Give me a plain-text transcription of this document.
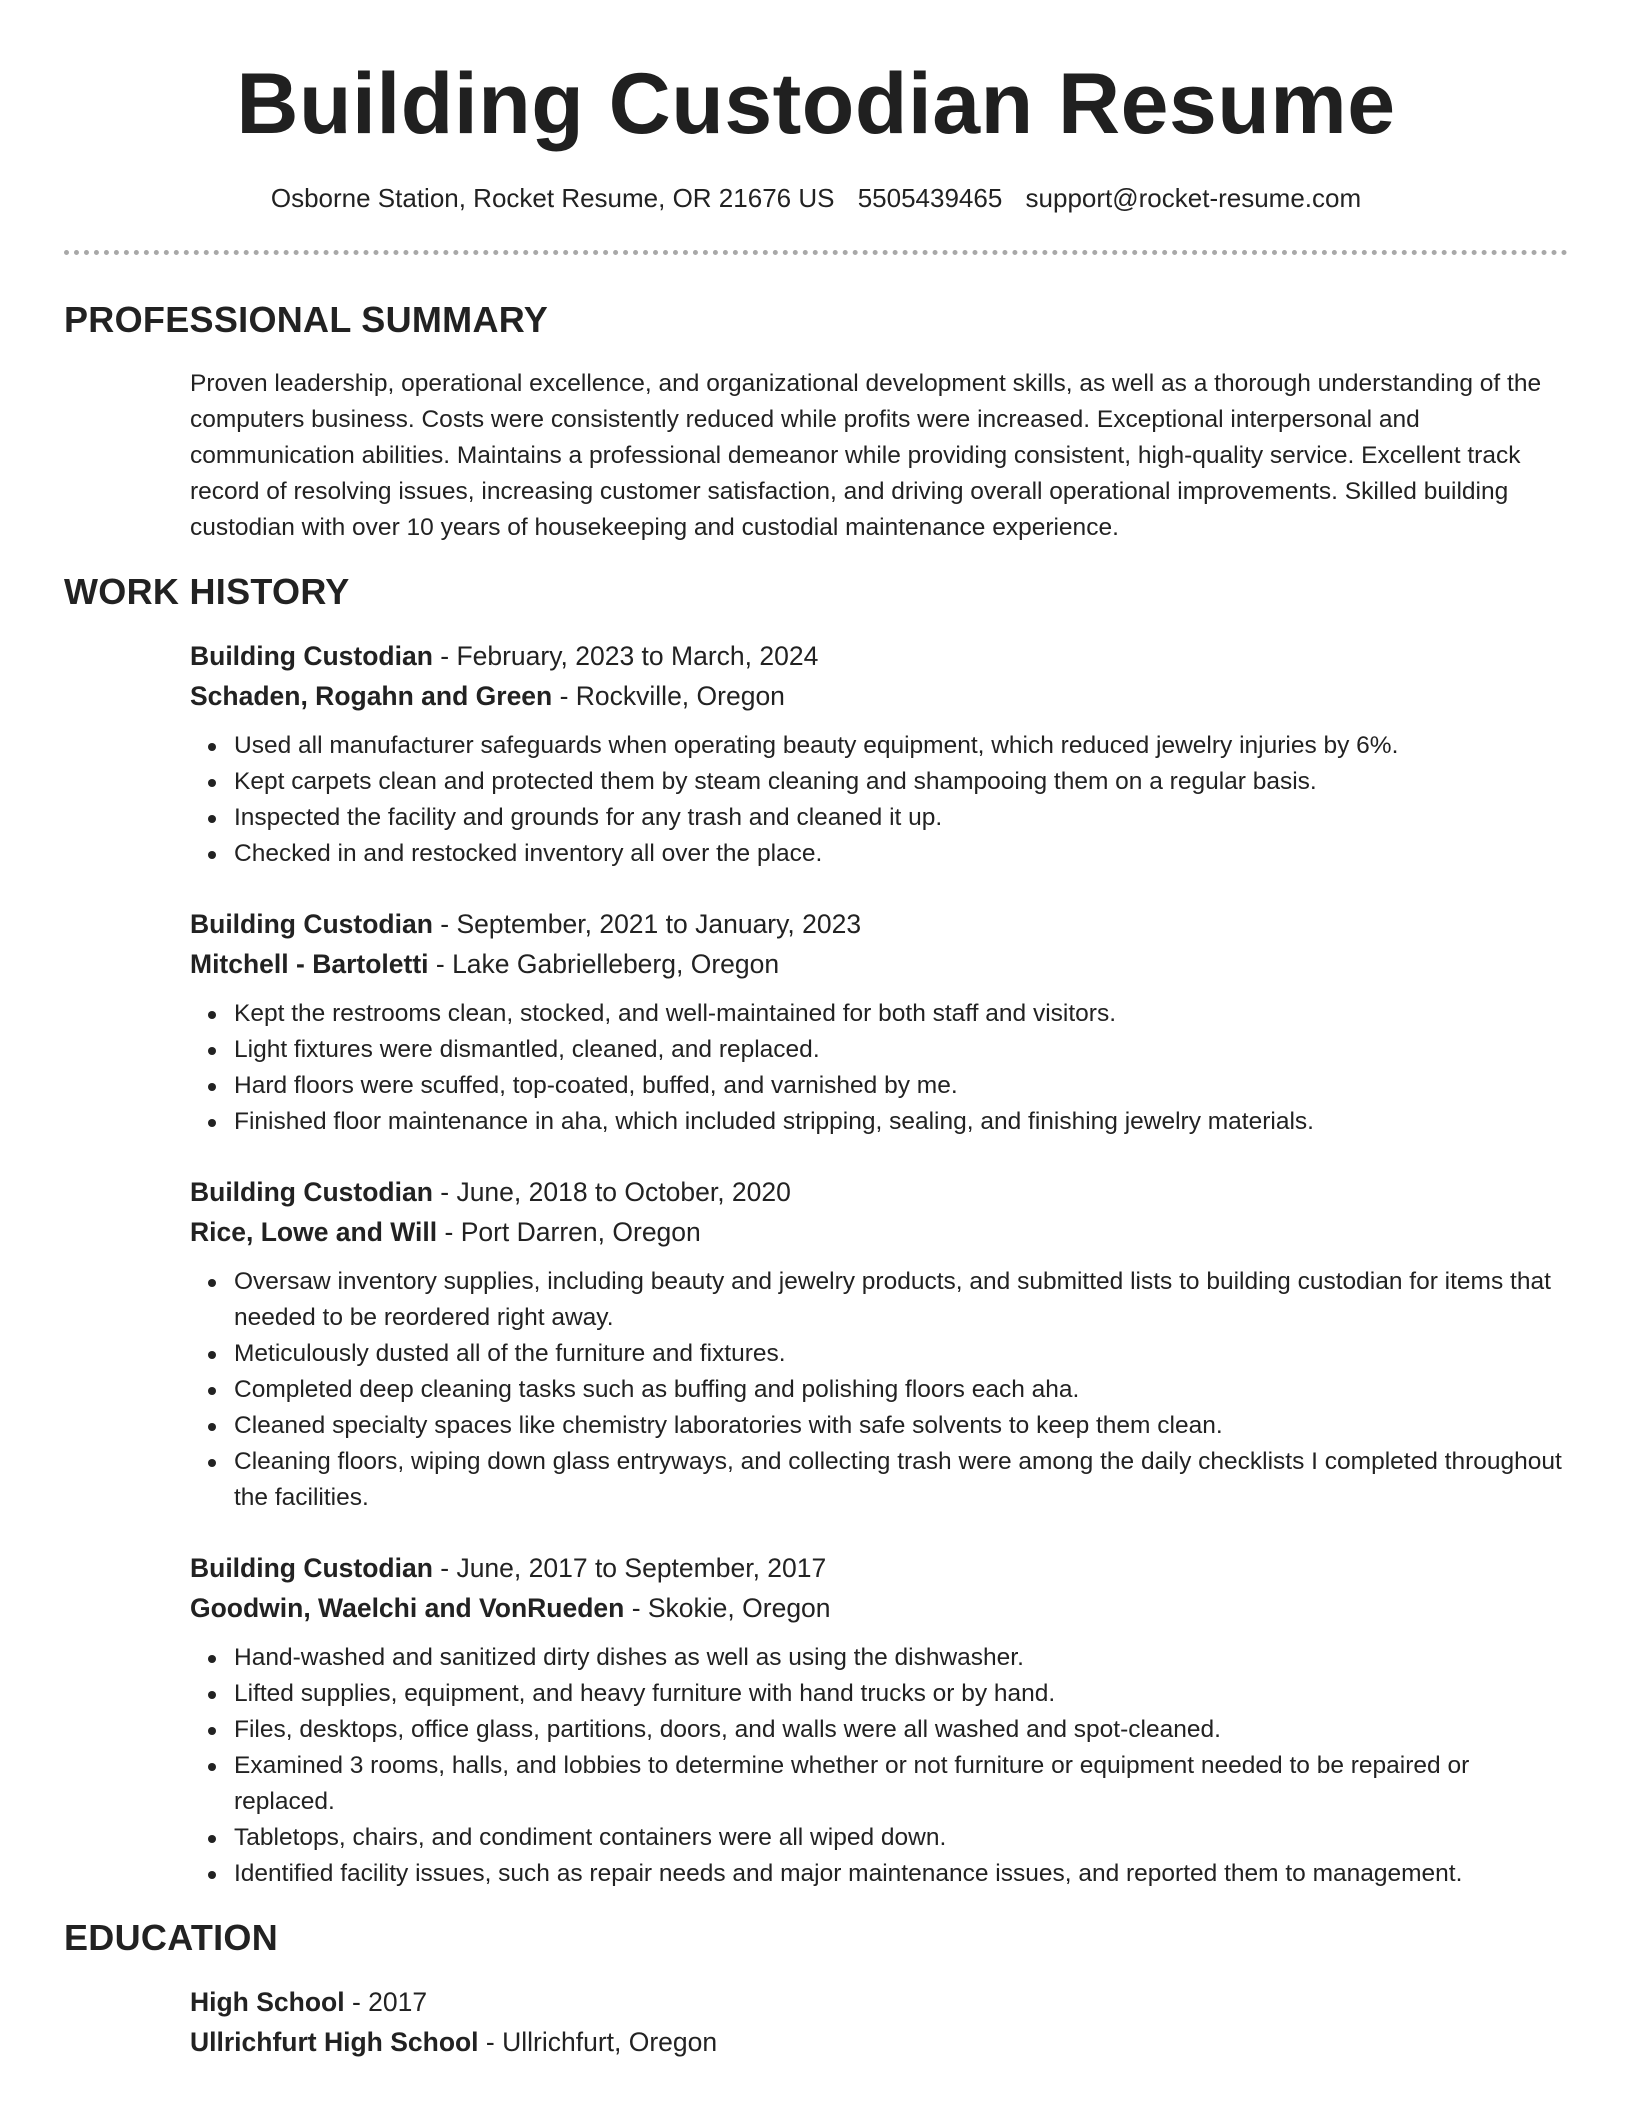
Building Custodian Resume
Osborne Station, Rocket Resume, OR 21676 US 5505439465 support@rocket-resume.com
PROFESSIONAL SUMMARY

Proven leadership, operational excellence, and organizational development skills, as well as a thorough understanding of the computers business. Costs were consistently reduced while profits were increased. Exceptional interpersonal and communication abilities. Maintains a professional demeanor while providing consistent, high-quality service. Excellent track record of resolving issues, increasing customer satisfaction, and driving overall operational improvements. Skilled building custodian with over 10 years of housekeeping and custodial maintenance experience.

WORK HISTORY
Building Custodian - February, 2023 to March, 2024
Schaden, Rogahn and Green - Rockville, Oregon
Used all manufacturer safeguards when operating beauty equipment, which reduced jewelry injuries by 6%.
Kept carpets clean and protected them by steam cleaning and shampooing them on a regular basis.
Inspected the facility and grounds for any trash and cleaned it up.
Checked in and restocked inventory all over the place.
Building Custodian - September, 2021 to January, 2023
Mitchell - Bartoletti - Lake Gabrielleberg, Oregon
Kept the restrooms clean, stocked, and well-maintained for both staff and visitors.
Light fixtures were dismantled, cleaned, and replaced.
Hard floors were scuffed, top-coated, buffed, and varnished by me.
Finished floor maintenance in aha, which included stripping, sealing, and finishing jewelry materials.
Building Custodian - June, 2018 to October, 2020
Rice, Lowe and Will - Port Darren, Oregon
Oversaw inventory supplies, including beauty and jewelry products, and submitted lists to building custodian for items that needed to be reordered right away.
Meticulously dusted all of the furniture and fixtures.
Completed deep cleaning tasks such as buffing and polishing floors each aha.
Cleaned specialty spaces like chemistry laboratories with safe solvents to keep them clean.
Cleaning floors, wiping down glass entryways, and collecting trash were among the daily checklists I completed throughout the facilities.
Building Custodian - June, 2017 to September, 2017
Goodwin, Waelchi and VonRueden - Skokie, Oregon
Hand-washed and sanitized dirty dishes as well as using the dishwasher.
Lifted supplies, equipment, and heavy furniture with hand trucks or by hand.
Files, desktops, office glass, partitions, doors, and walls were all washed and spot-cleaned.
Examined 3 rooms, halls, and lobbies to determine whether or not furniture or equipment needed to be repaired or replaced.
Tabletops, chairs, and condiment containers were all wiped down.
Identified facility issues, such as repair needs and major maintenance issues, and reported them to management.
EDUCATION
High School - 2017
Ullrichfurt High School - Ullrichfurt, Oregon
